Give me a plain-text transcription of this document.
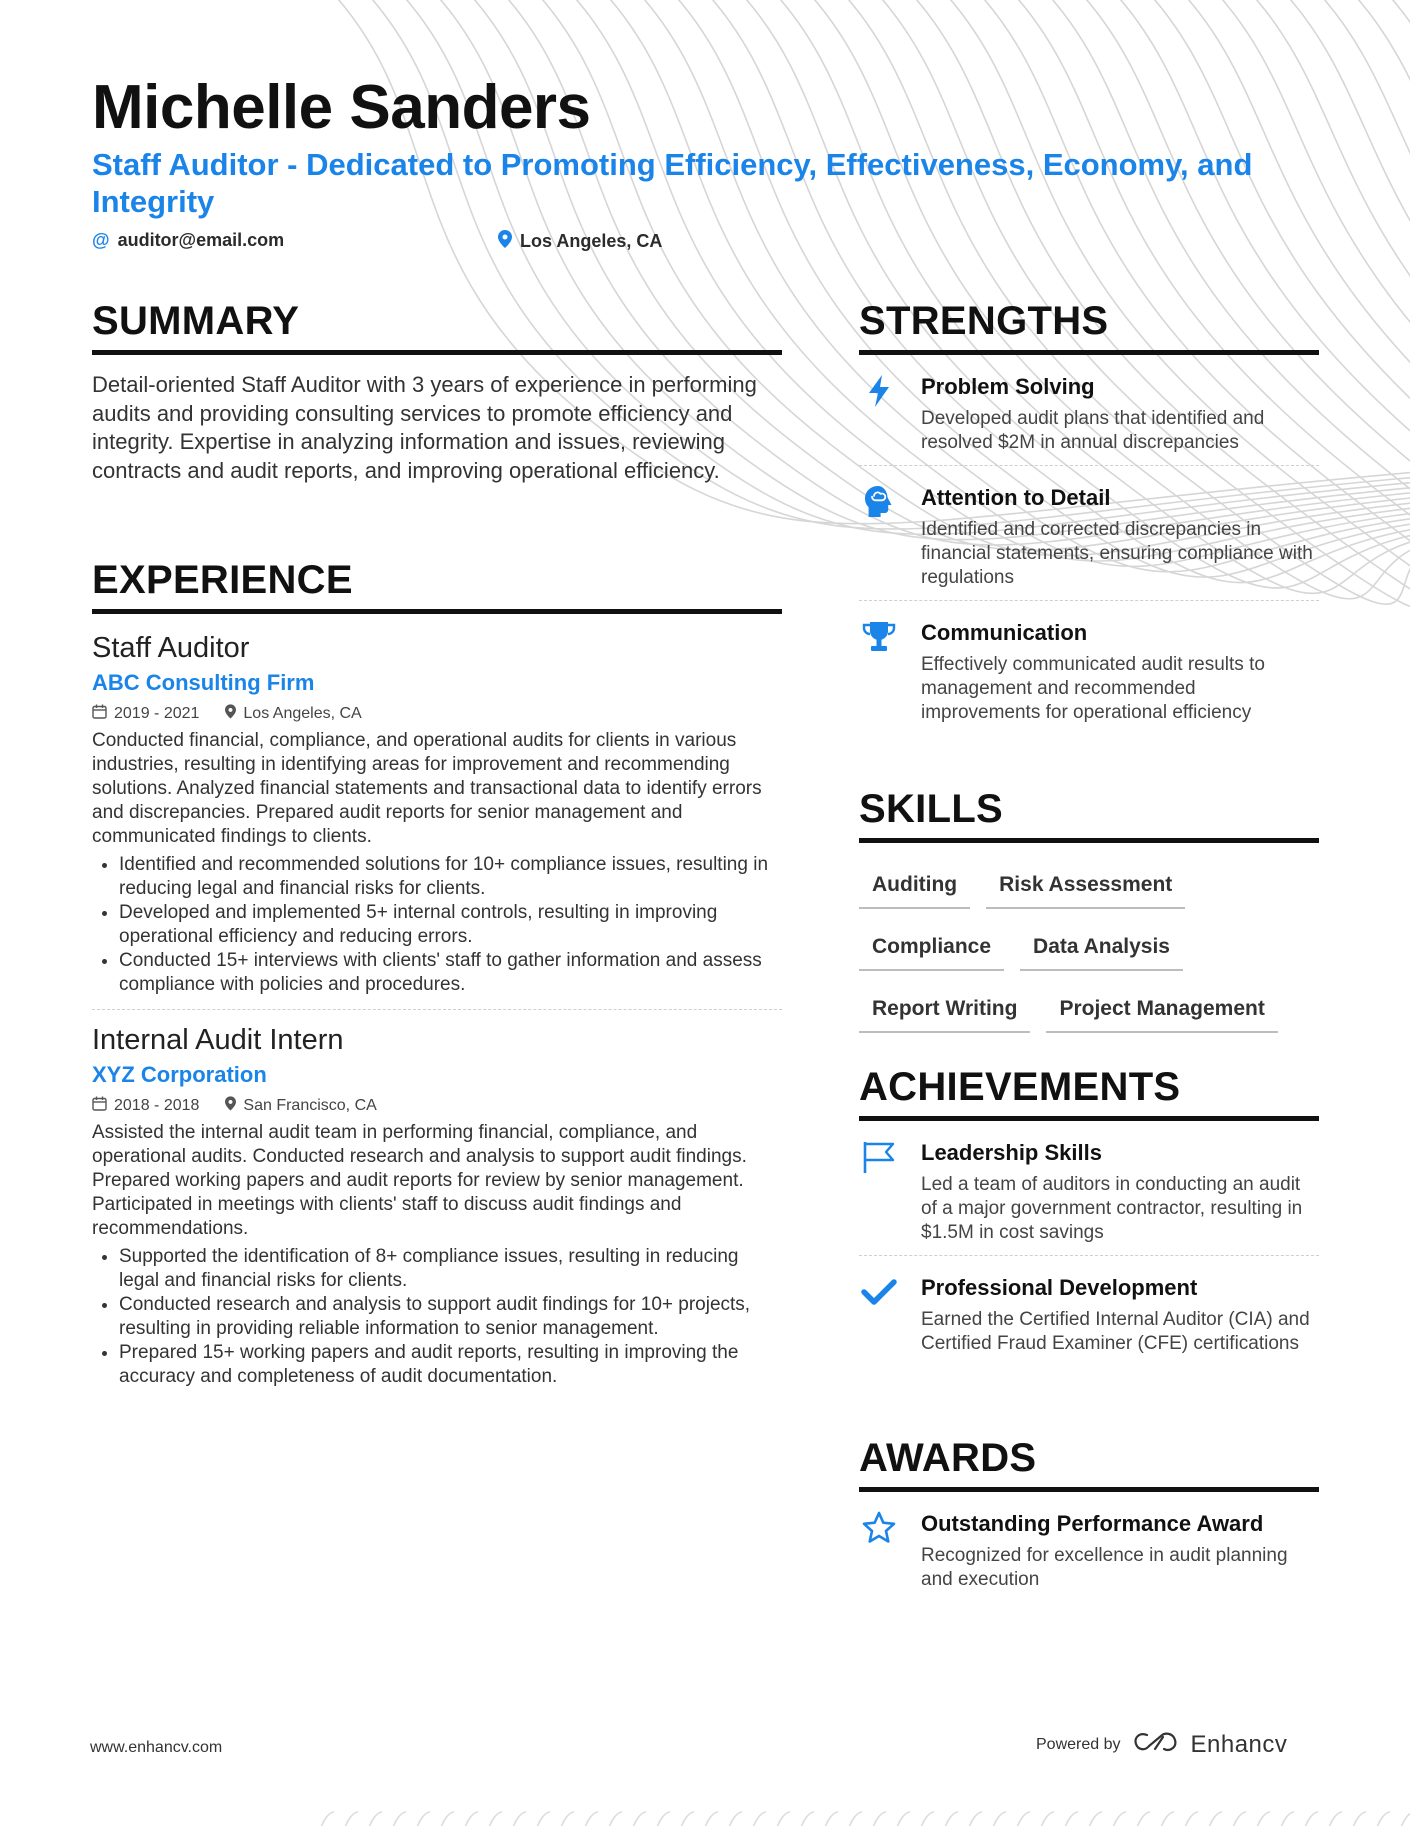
Michelle Sanders
Staff Auditor - Dedicated to Promoting Efficiency, Effectiveness, Economy, and Integrity
@ auditor@email.com	Los Angeles, CA
SUMMARY
Detail-oriented Staff Auditor with 3 years of experience in performing audits and providing consulting services to promote efficiency and integrity. Expertise in analyzing information and issues, reviewing contracts and audit reports, and improving operational efficiency.
EXPERIENCE
Staff Auditor
ABC Consulting Firm
2019 - 2021	Los Angeles, CA
Conducted financial, compliance, and operational audits for clients in various industries, resulting in identifying areas for improvement and recommending solutions. Analyzed financial statements and transactional data to identify errors and discrepancies. Prepared audit reports for senior management and communicated findings to clients.
• Identified and recommended solutions for 10+ compliance issues, resulting in reducing legal and financial risks for clients.
• Developed and implemented 5+ internal controls, resulting in improving operational efficiency and reducing errors.
• Conducted 15+ interviews with clients' staff to gather information and assess compliance with policies and procedures.
Internal Audit Intern
XYZ Corporation
2018 - 2018	San Francisco, CA
Assisted the internal audit team in performing financial, compliance, and operational audits. Conducted research and analysis to support audit findings. Prepared working papers and audit reports for review by senior management. Participated in meetings with clients' staff to discuss audit findings and recommendations.
• Supported the identification of 8+ compliance issues, resulting in reducing legal and financial risks for clients.
• Conducted research and analysis to support audit findings for 10+ projects, resulting in providing reliable information to senior management.
• Prepared 15+ working papers and audit reports, resulting in improving the accuracy and completeness of audit documentation.
STRENGTHS
Problem Solving
Developed audit plans that identified and resolved $2M in annual discrepancies
Attention to Detail
Identified and corrected discrepancies in financial statements, ensuring compliance with regulations
Communication
Effectively communicated audit results to management and recommended improvements for operational efficiency
SKILLS
Auditing	Risk Assessment
Compliance	Data Analysis
Report Writing	Project Management
ACHIEVEMENTS
Leadership Skills
Led a team of auditors in conducting an audit of a major government contractor, resulting in $1.5M in cost savings
Professional Development
Earned the Certified Internal Auditor (CIA) and Certified Fraud Examiner (CFE) certifications
AWARDS
Outstanding Performance Award
Recognized for excellence in audit planning and execution
www.enhancv.com	Powered by	Enhancv
